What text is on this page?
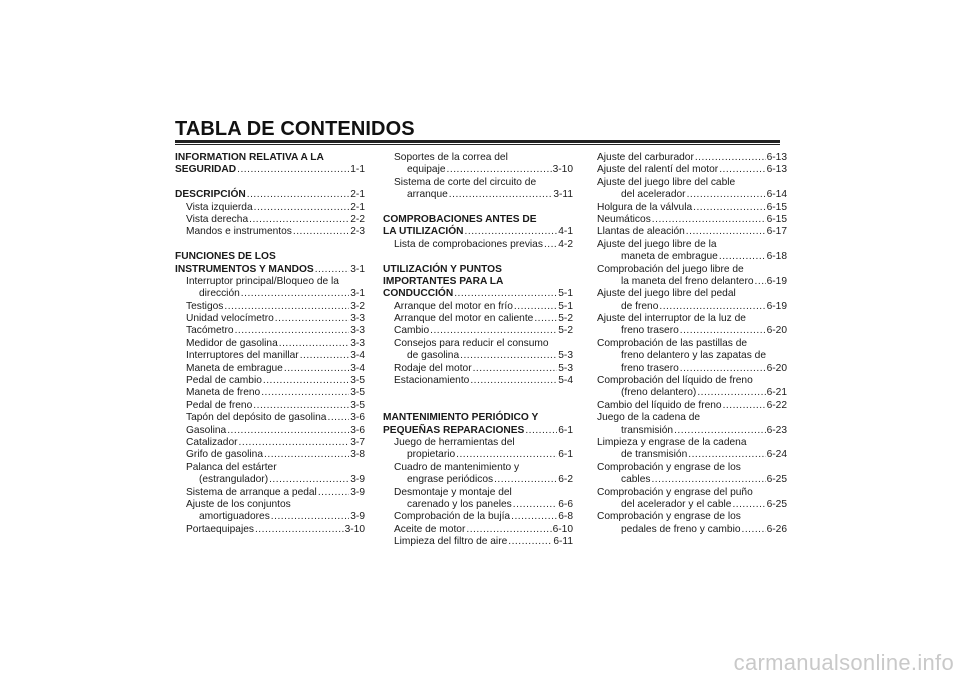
TABLA DE CONTENIDOS
INFORMATION RELATIVA A LA
SEGURIDAD .....	1-1
DESCRIPCIÓN .....	2-1
Vista izquierda .....	2-1
Vista derecha .....	2-2
Mandos e instrumentos .....	2-3
FUNCIONES DE LOS
INSTRUMENTOS Y MANDOS .....	3-1
Interruptor principal/Bloqueo de la
dirección .....	3-1
Testigos .....	3-2
Unidad velocímetro .....	3-3
Tacómetro .....	3-3
Medidor de gasolina .....	3-3
Interruptores del manillar .....	3-4
Maneta de embrague .....	3-4
Pedal de cambio .....	3-5
Maneta de freno .....	3-5
Pedal de freno .....	3-5
Tapón del depósito de gasolina ..... 3-6
Gasolina .....	3-6
Catalizador .....	3-7
Grifo de gasolina .....	3-8
Palanca del estárter
(estrangulador) .....	3-9
Sistema de arranque a pedal .....	3-9
Ajuste de los conjuntos
amortiguadores .....	3-9
Portaequipajes .....	3-10
Soportes de la correa del
equipaje .....	3-10
Sistema de corte del circuito de
arranque .....	3-11
COMPROBACIONES ANTES DE
LA UTILIZACIÓN .....	4-1
Lista de comprobaciones previas ..... 4-2
UTILIZACIÓN Y PUNTOS
IMPORTANTES PARA LA
CONDUCCIÓN .....	5-1
Arranque del motor en frío .....	5-1
Arranque del motor en caliente ..... 5-2
Cambio .....	5-2
Consejos para reducir el consumo
de gasolina .....	5-3
Rodaje del motor .....	5-3
Estacionamiento .....	5-4
MANTENIMIENTO PERIÓDICO Y
PEQUEÑAS REPARACIONES .....	6-1
Juego de herramientas del
propietario .....	6-1
Cuadro de mantenimiento y
engrase periódicos .....	6-2
Desmontaje y montaje del
carenado y los paneles .....	6-6
Comprobación de la bujía .....	6-8
Aceite de motor .....	6-10
Limpieza del filtro de aire .....	6-11
Ajuste del carburador .....	6-13
Ajuste del ralentí del motor .....	6-13
Ajuste del juego libre del cable
del acelerador .....	6-14
Holgura de la válvula .....	6-15
Neumáticos .....	6-15
Llantas de aleación .....	6-17
Ajuste del juego libre de la
maneta de embrague .....	6-18
Comprobación del juego libre de
la maneta del freno delantero ..... 6-19
Ajuste del juego libre del pedal
de freno .....	6-19
Ajuste del interruptor de la luz de
freno trasero .....	6-20
Comprobación de las pastillas de
freno delantero y las zapatas de
freno trasero .....	6-20
Comprobación del líquido de freno
(freno delantero) .....	6-21
Cambio del líquido de freno .....	6-22
Juego de la cadena de
transmisión .....	6-23
Limpieza y engrase de la cadena
de transmisión .....	6-24
Comprobación y engrase de los
cables .....	6-25
Comprobación y engrase del puño
del acelerador y el cable .....	6-25
Comprobación y engrase de los
pedales de freno y cambio .....	6-26
carmanualsonline.info
